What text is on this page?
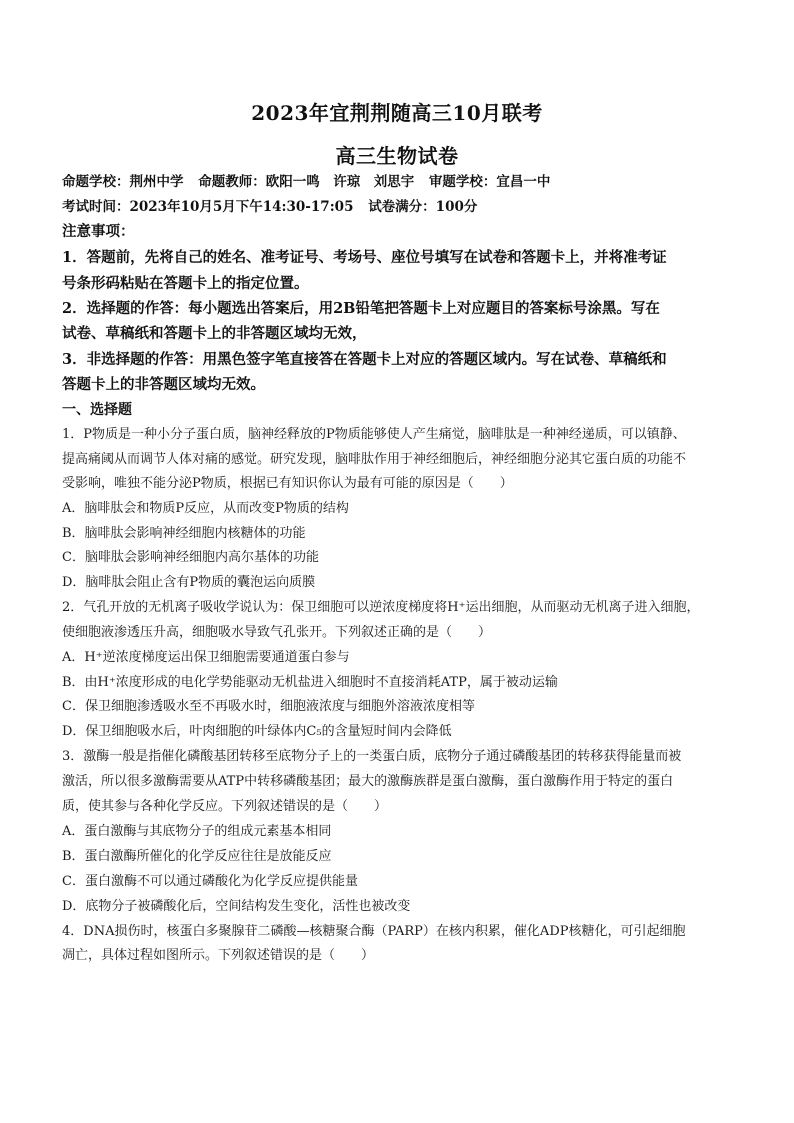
2023年宜荆荆随高三10月联考
高三生物试卷
命题学校：荆州中学 命题教师：欧阳一鸣　许琼　刘思宇 审题学校：宜昌一中
考试时间：2023年10月5月下午14:30-17:05 试卷满分：100分
注意事项：
1．答题前，先将自己的姓名、准考证号、考场号、座位号填写在试卷和答题卡上，并将准考证
号条形码粘贴在答题卡上的指定位置。
2．选择题的作答：每小题选出答案后，用2B铅笔把答题卡上对应题目的答案标号涂黑。写在
试卷、草稿纸和答题卡上的非答题区域均无效，
3．非选择题的作答：用黑色签字笔直接答在答题卡上对应的答题区域内。写在试卷、草稿纸和
答题卡上的非答题区域均无效。
一、选择题
1．P物质是一种小分子蛋白质，脑神经释放的P物质能够使人产生痛觉，脑啡肽是一种神经递质，可以镇静、
提高痛阈从而调节人体对痛的感觉。研究发现，脑啡肽作用于神经细胞后，神经细胞分泌其它蛋白质的功能不
受影响，唯独不能分泌P物质，根据已有知识你认为最有可能的原因是（　　）
A．脑啡肽会和物质P反应，从而改变P物质的结构
B．脑啡肽会影响神经细胞内核糖体的功能
C．脑啡肽会影响神经细胞内高尔基体的功能
D．脑啡肽会阻止含有P物质的囊泡运向质膜
2．气孔开放的无机离子吸收学说认为：保卫细胞可以逆浓度梯度将H⁺运出细胞，从而驱动无机离子进入细胞，
使细胞液渗透压升高，细胞吸水导致气孔张开。下列叙述正确的是（　　）
A．H⁺逆浓度梯度运出保卫细胞需要通道蛋白参与
B．由H⁺浓度形成的电化学势能驱动无机盐进入细胞时不直接消耗ATP，属于被动运输
C．保卫细胞渗透吸水至不再吸水时，细胞液浓度与细胞外溶液浓度相等
D．保卫细胞吸水后，叶肉细胞的叶绿体内C₅的含量短时间内会降低
3．激酶一般是指催化磷酸基团转移至底物分子上的一类蛋白质，底物分子通过磷酸基团的转移获得能量而被
激活，所以很多激酶需要从ATP中转移磷酸基团；最大的激酶族群是蛋白激酶，蛋白激酶作用于特定的蛋白
质，使其参与各种化学反应。下列叙述错误的是（　　）
A．蛋白激酶与其底物分子的组成元素基本相同
B．蛋白激酶所催化的化学反应往往是放能反应
C．蛋白激酶不可以通过磷酸化为化学反应提供能量
D．底物分子被磷酸化后，空间结构发生变化，活性也被改变
4．DNA损伤时，核蛋白多聚腺苷二磷酸—核糖聚合酶（PARP）在核内积累，催化ADP核糖化，可引起细胞
凋亡，具体过程如图所示。下列叙述错误的是（　　）
